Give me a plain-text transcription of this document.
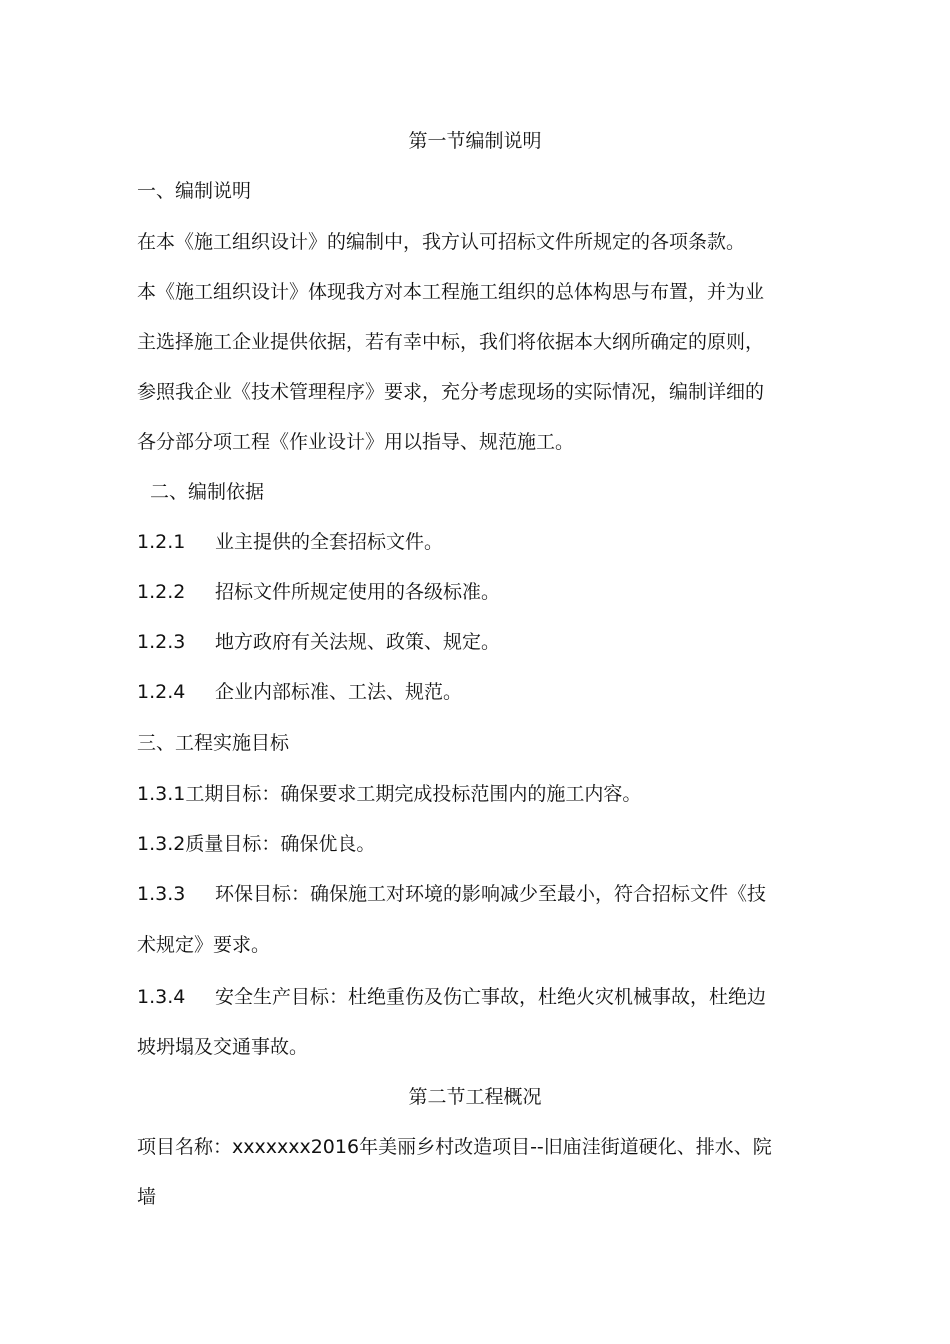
第一节编制说明
一、编制说明
在本《施工组织设计》的编制中，我方认可招标文件所规定的各项条款。
本《施工组织设计》体现我方对本工程施工组织的总体构思与布置，并为业
主选择施工企业提供依据，若有幸中标，我们将依据本大纲所确定的原则，
参照我企业《技术管理程序》要求，充分考虑现场的实际情况，编制详细的
各分部分项工程《作业设计》用以指导、规范施工。
二、编制依据
1.2.1 业主提供的全套招标文件。
1.2.2 招标文件所规定使用的各级标准。
1.2.3 地方政府有关法规、政策、规定。
1.2.4 企业内部标准、工法、规范。
三、工程实施目标
1.3.1工期目标：确保要求工期完成投标范围内的施工内容。
1.3.2质量目标：确保优良。
1.3.3 环保目标：确保施工对环境的影响减少至最小，符合招标文件《技
术规定》要求。
1.3.4 安全生产目标：杜绝重伤及伤亡事故，杜绝火灾机械事故，杜绝边
坡坍塌及交通事故。
第二节工程概况
项目名称：xxxxxxx2016年美丽乡村改造项目--旧庙洼街道硬化、排水、院
墙
